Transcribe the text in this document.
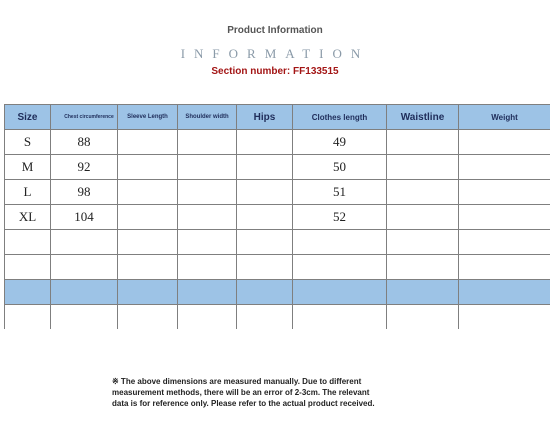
Product Information
INFORMATION
Section number: FF133515
Size	Chest circumference	Sleeve Length	Shoulder width	Hips	Clothes length	Waistline	Weight
S	88				49		
M	92				50		
L	98				51		
XL	104				52		

※ The above dimensions are measured manually. Due to different
measurement methods, there will be an error of 2-3cm. The relevant
data is for reference only. Please refer to the actual product received.
